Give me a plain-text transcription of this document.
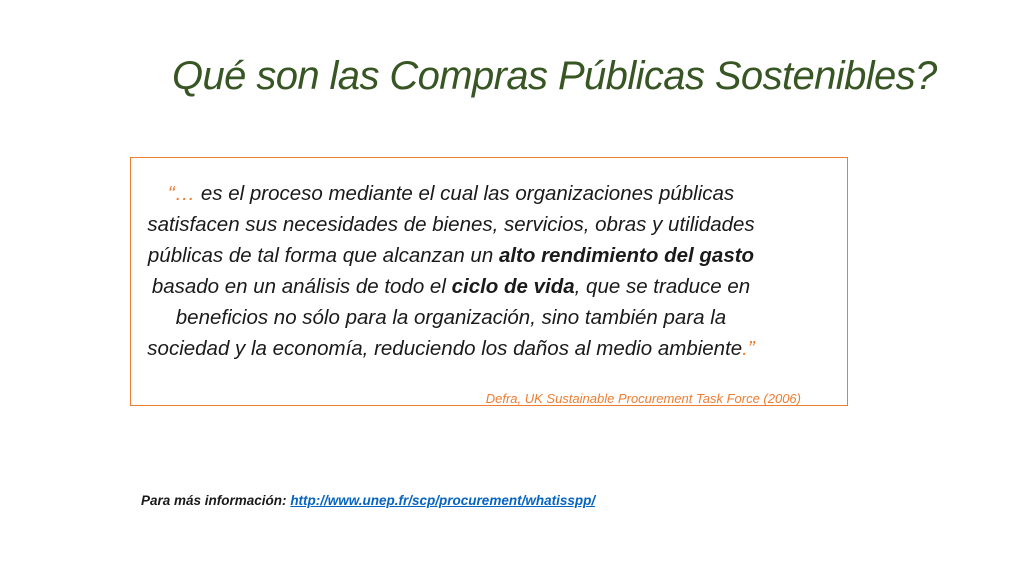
Qué son las Compras Públicas Sostenibles?

“… es el proceso mediante el cual las organizaciones públicas satisfacen sus necesidades de bienes, servicios, obras y utilidades públicas de tal forma que alcanzan un alto rendimiento del gasto basado en un análisis de todo el ciclo de vida, que se traduce en beneficios no sólo para la organización, sino también para la sociedad y la economía, reduciendo los daños al medio ambiente.”

Defra, UK Sustainable Procurement Task Force (2006)

Para más información: http://www.unep.fr/scp/procurement/whatisspp/
